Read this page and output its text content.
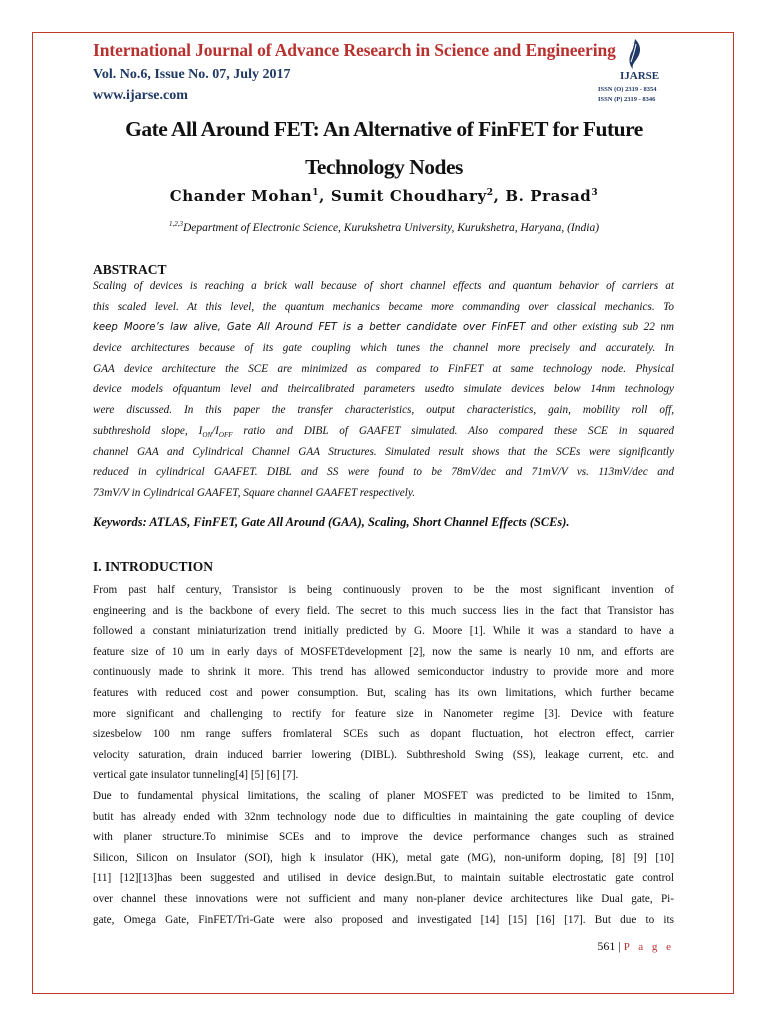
International Journal of Advance Research in Science and Engineering
Vol. No.6, Issue No. 07, July 2017
www.ijarse.com
IJARSE
ISSN (O) 2319 - 8354
ISSN (P) 2319 - 8346
Gate All Around FET: An Alternative of FinFET for Future
Technology Nodes
Chander Mohan$^1$, Sumit Choudhary$^2$, B. Prasad$^3$
$^{1,2,3}$Department of Electronic Science, Kurukshetra University, Kurukshetra, Haryana, (India)
ABSTRACT
Scaling of devices is reaching a brick wall because of short channel effects and quantum behavior of carriers at
this scaled level. At this level, the quantum mechanics became more commanding over classical mechanics. To
keep Moore’s law alive, Gate All Around FET is a better candidate over FinFET and other existing sub 22 nm
device architectures because of its gate coupling which tunes the channel more precisely and accurately. In
GAA device architecture the SCE are minimized as compared to FinFET at same technology node. Physical
device models ofquantum level and theircalibrated parameters usedto simulate devices below 14nm technology
were discussed. In this paper the transfer characteristics, output characteristics, gain, mobility roll off,
subthreshold slope, $I_{ON}/I_{OFF}$ ratio and DIBL of GAAFET simulated. Also compared these SCE in squared
channel GAA and Cylindrical Channel GAA Structures. Simulated result shows that the SCEs were significantly
reduced in cylindrical GAAFET. DIBL and SS were found to be 78mV/dec and 71mV/V vs. 113mV/dec and
73mV/V in Cylindrical GAAFET, Square channel GAAFET respectively.
Keywords: ATLAS, FinFET, Gate All Around (GAA), Scaling, Short Channel Effects (SCEs).
I. INTRODUCTION
From past half century, Transistor is being continuously proven to be the most significant invention of
engineering and is the backbone of every field. The secret to this much success lies in the fact that Transistor has
followed a constant miniaturization trend initially predicted by G. Moore [1]. While it was a standard to have a
feature size of 10 um in early days of MOSFETdevelopment [2], now the same is nearly 10 nm, and efforts are
continuously made to shrink it more. This trend has allowed semiconductor industry to provide more and more
features with reduced cost and power consumption. But, scaling has its own limitations, which further became
more significant and challenging to rectify for feature size in Nanometer regime [3]. Device with feature
sizesbelow 100 nm range suffers fromlateral SCEs such as dopant fluctuation, hot electron effect, carrier
velocity saturation, drain induced barrier lowering (DIBL). Subthreshold Swing (SS), leakage current, etc. and
vertical gate insulator tunneling[4] [5] [6] [7].
Due to fundamental physical limitations, the scaling of planer MOSFET was predicted to be limited to 15nm,
butit has already ended with 32nm technology node due to difficulties in maintaining the gate coupling of device
with planer structure.To minimise SCEs and to improve the device performance changes such as strained
Silicon, Silicon on Insulator (SOI), high k insulator (HK), metal gate (MG), non-uniform doping, [8] [9] [10]
[11] [12][13]has been suggested and utilised in device design.But, to maintain suitable electrostatic gate control
over channel these innovations were not sufficient and many non-planer device architectures like Dual gate, Pi-
gate, Omega Gate, FinFET/Tri-Gate were also proposed and investigated [14] [15] [16] [17]. But due to its
561 | P a g e
